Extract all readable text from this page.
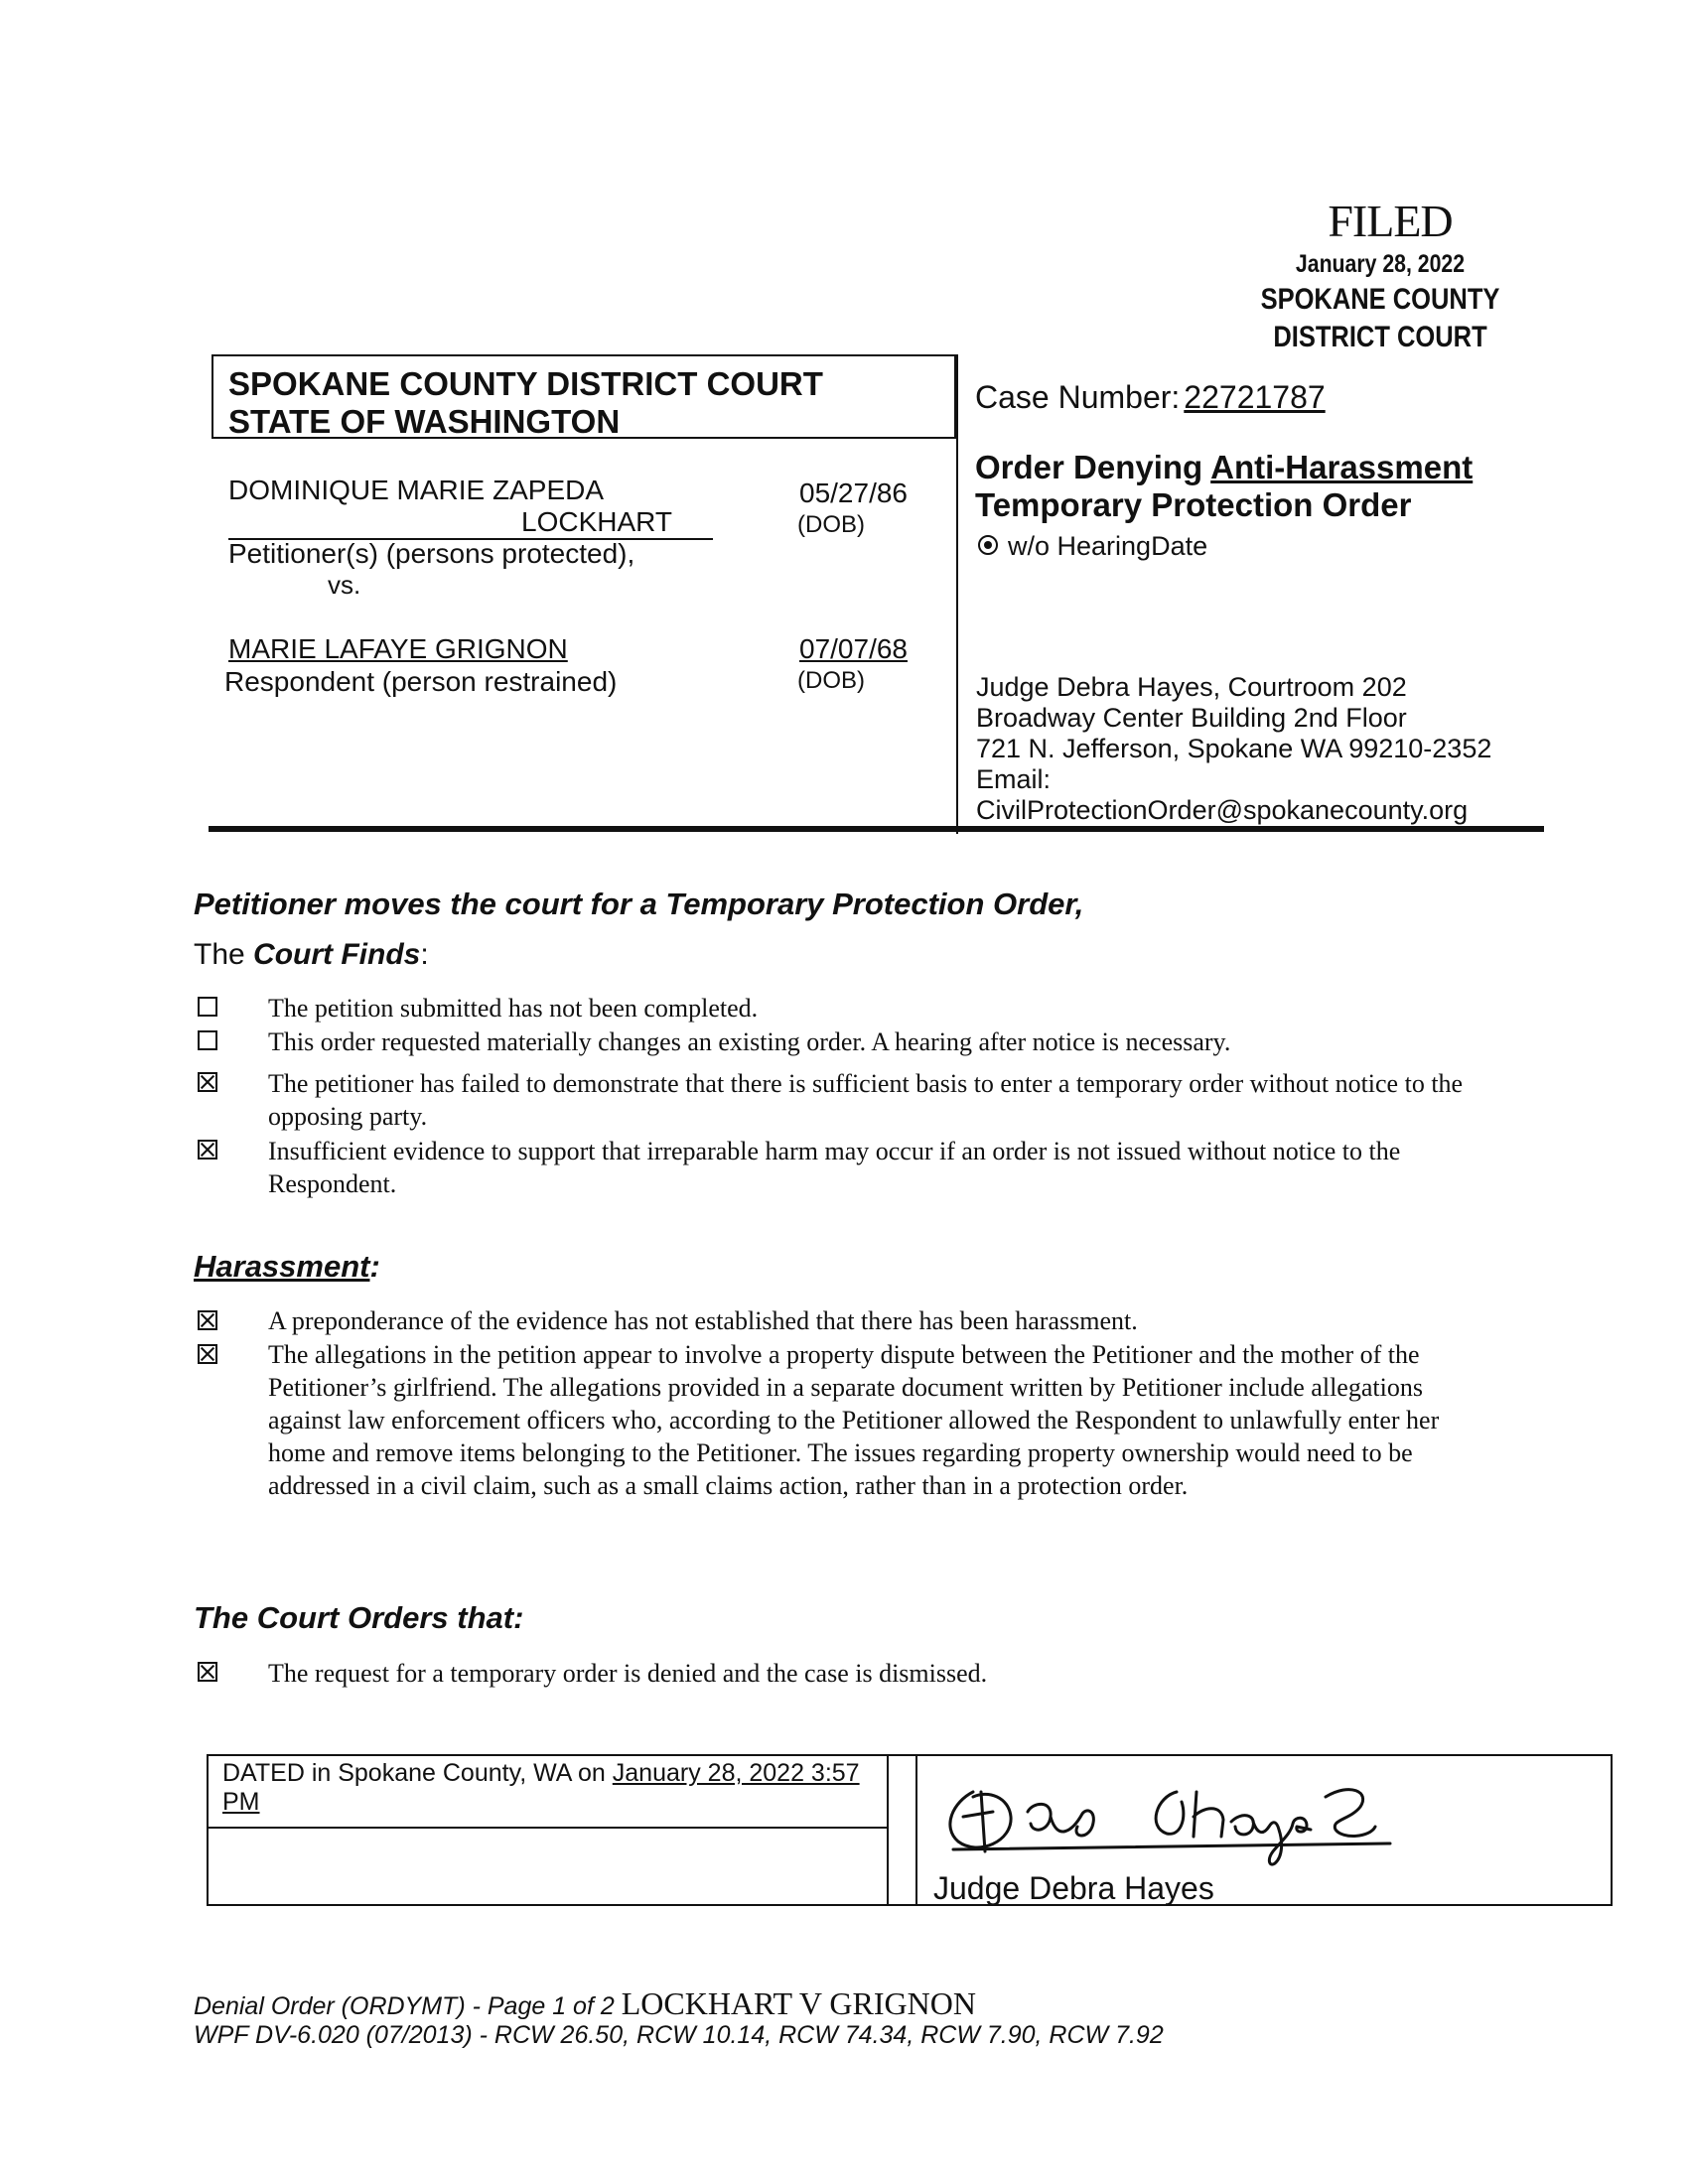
FILED
January 28, 2022
SPOKANE COUNTY
DISTRICT COURT
SPOKANE COUNTY DISTRICT COURT
STATE OF WASHINGTON
DOMINIQUE MARIE ZAPEDA
LOCKHART
Petitioner(s) (persons protected),
vs.
05/27/86
(DOB)
MARIE LAFAYE GRIGNON
Respondent (person restrained)
07/07/68
(DOB)
Case Number: 22721787
Order Denying Anti-Harassment
Temporary Protection Order
w/o HearingDate
Judge Debra Hayes, Courtroom 202
Broadway Center Building 2nd Floor
721 N. Jefferson, Spokane WA 99210-2352
Email:
CivilProtectionOrder@spokanecounty.org
Petitioner moves the court for a Temporary Protection Order,
The Court Finds:
The petition submitted has not been completed.
This order requested materially changes an existing order. A hearing after notice is necessary.
The petitioner has failed to demonstrate that there is sufficient basis to enter a temporary order without notice to the opposing party.
Insufficient evidence to support that irreparable harm may occur if an order is not issued without notice to the Respondent.
Harassment:
A preponderance of the evidence has not established that there has been harassment.
The allegations in the petition appear to involve a property dispute between the Petitioner and the mother of the Petitioner’s girlfriend. The allegations provided in a separate document written by Petitioner include allegations against law enforcement officers who, according to the Petitioner allowed the Respondent to unlawfully enter her home and remove items belonging to the Petitioner. The issues regarding property ownership would need to be addressed in a civil claim, such as a small claims action, rather than in a protection order.
The Court Orders that:
The request for a temporary order is denied and the case is dismissed.
DATED in Spokane County, WA on January 28, 2022 3:57 PM
Judge Debra Hayes
Denial Order (ORDYMT) - Page 1 of 2 LOCKHART V GRIGNON
WPF DV-6.020 (07/2013) - RCW 26.50, RCW 10.14, RCW 74.34, RCW 7.90, RCW 7.92
